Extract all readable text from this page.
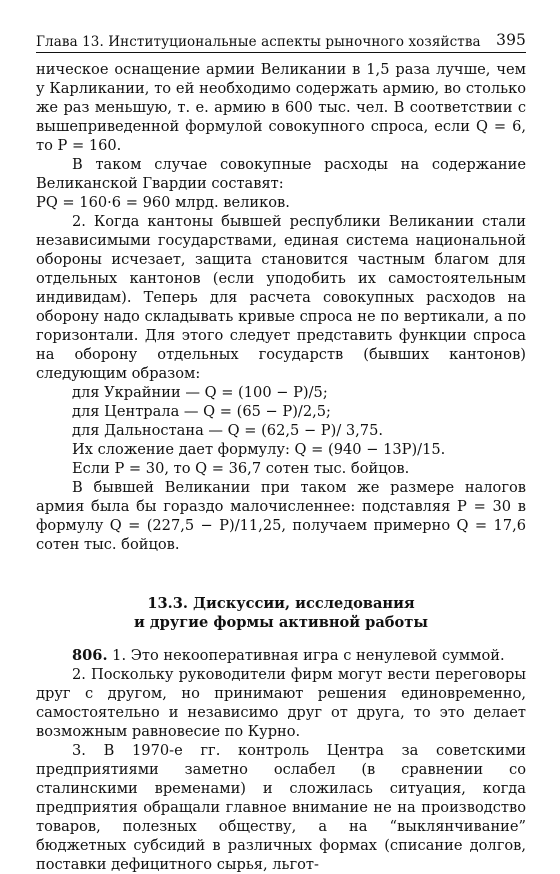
Глава 13. Институциональные аспекты рыночного хозяйства 395

ническое оснащение армии Великании в 1,5 раза лучше, чем у Карликании, то ей необходимо содержать армию, во столько же раз меньшую, т. е. армию в 600 тыс. чел. В соответствии с вышеприведенной формулой совокупного спроса, если Q = 6, то P = 160.

В таком случае совокупные расходы на содержание Великанской Гвардии составят:

PQ = 160·6 = 960 млрд. великов.

2. Когда кантоны бывшей республики Великании стали независимыми государствами, единая система национальной обороны исчезает, защита становится частным благом для отдельных кантонов (если уподобить их самостоятельным индивидам). Теперь для расчета совокупных расходов на оборону надо складывать кривые спроса не по вертикали, а по горизонтали. Для этого следует представить функции спроса на оборону отдельных государств (бывших кантонов) следующим образом:

для Украйнии — Q = (100 − P)/5;

для Централа — Q = (65 − P)/2,5;

для Дальностана — Q = (62,5 − P)/ 3,75.

Их сложение дает формулу: Q = (940 − 13P)/15.

Если P = 30, то Q = 36,7 сотен тыс. бойцов.

В бывшей Великании при таком же размере налогов армия была бы гораздо малочисленнее: подставляя P = 30 в формулу Q = (227,5 − P)/11,25, получаем примерно Q = 17,6 сотен тыс. бойцов.

13.3. Дискуссии, исследования
и другие формы активной работы

806. 1. Это некооперативная игра с ненулевой суммой.

2. Поскольку руководители фирм могут вести переговоры друг с другом, но принимают решения единовременно, самостоятельно и независимо друг от друга, то это делает возможным равновесие по Курно.

3. В 1970-е гг. контроль Центра за советскими предприятиями заметно ослабел (в сравнении со сталинскими временами) и сложилась ситуация, когда предприятия обращали главное внимание не на производство товаров, полезных обществу, а на “выклянчивание” бюджетных субсидий в различных формах (списание долгов, поставки дефицитного сырья, льгот-
